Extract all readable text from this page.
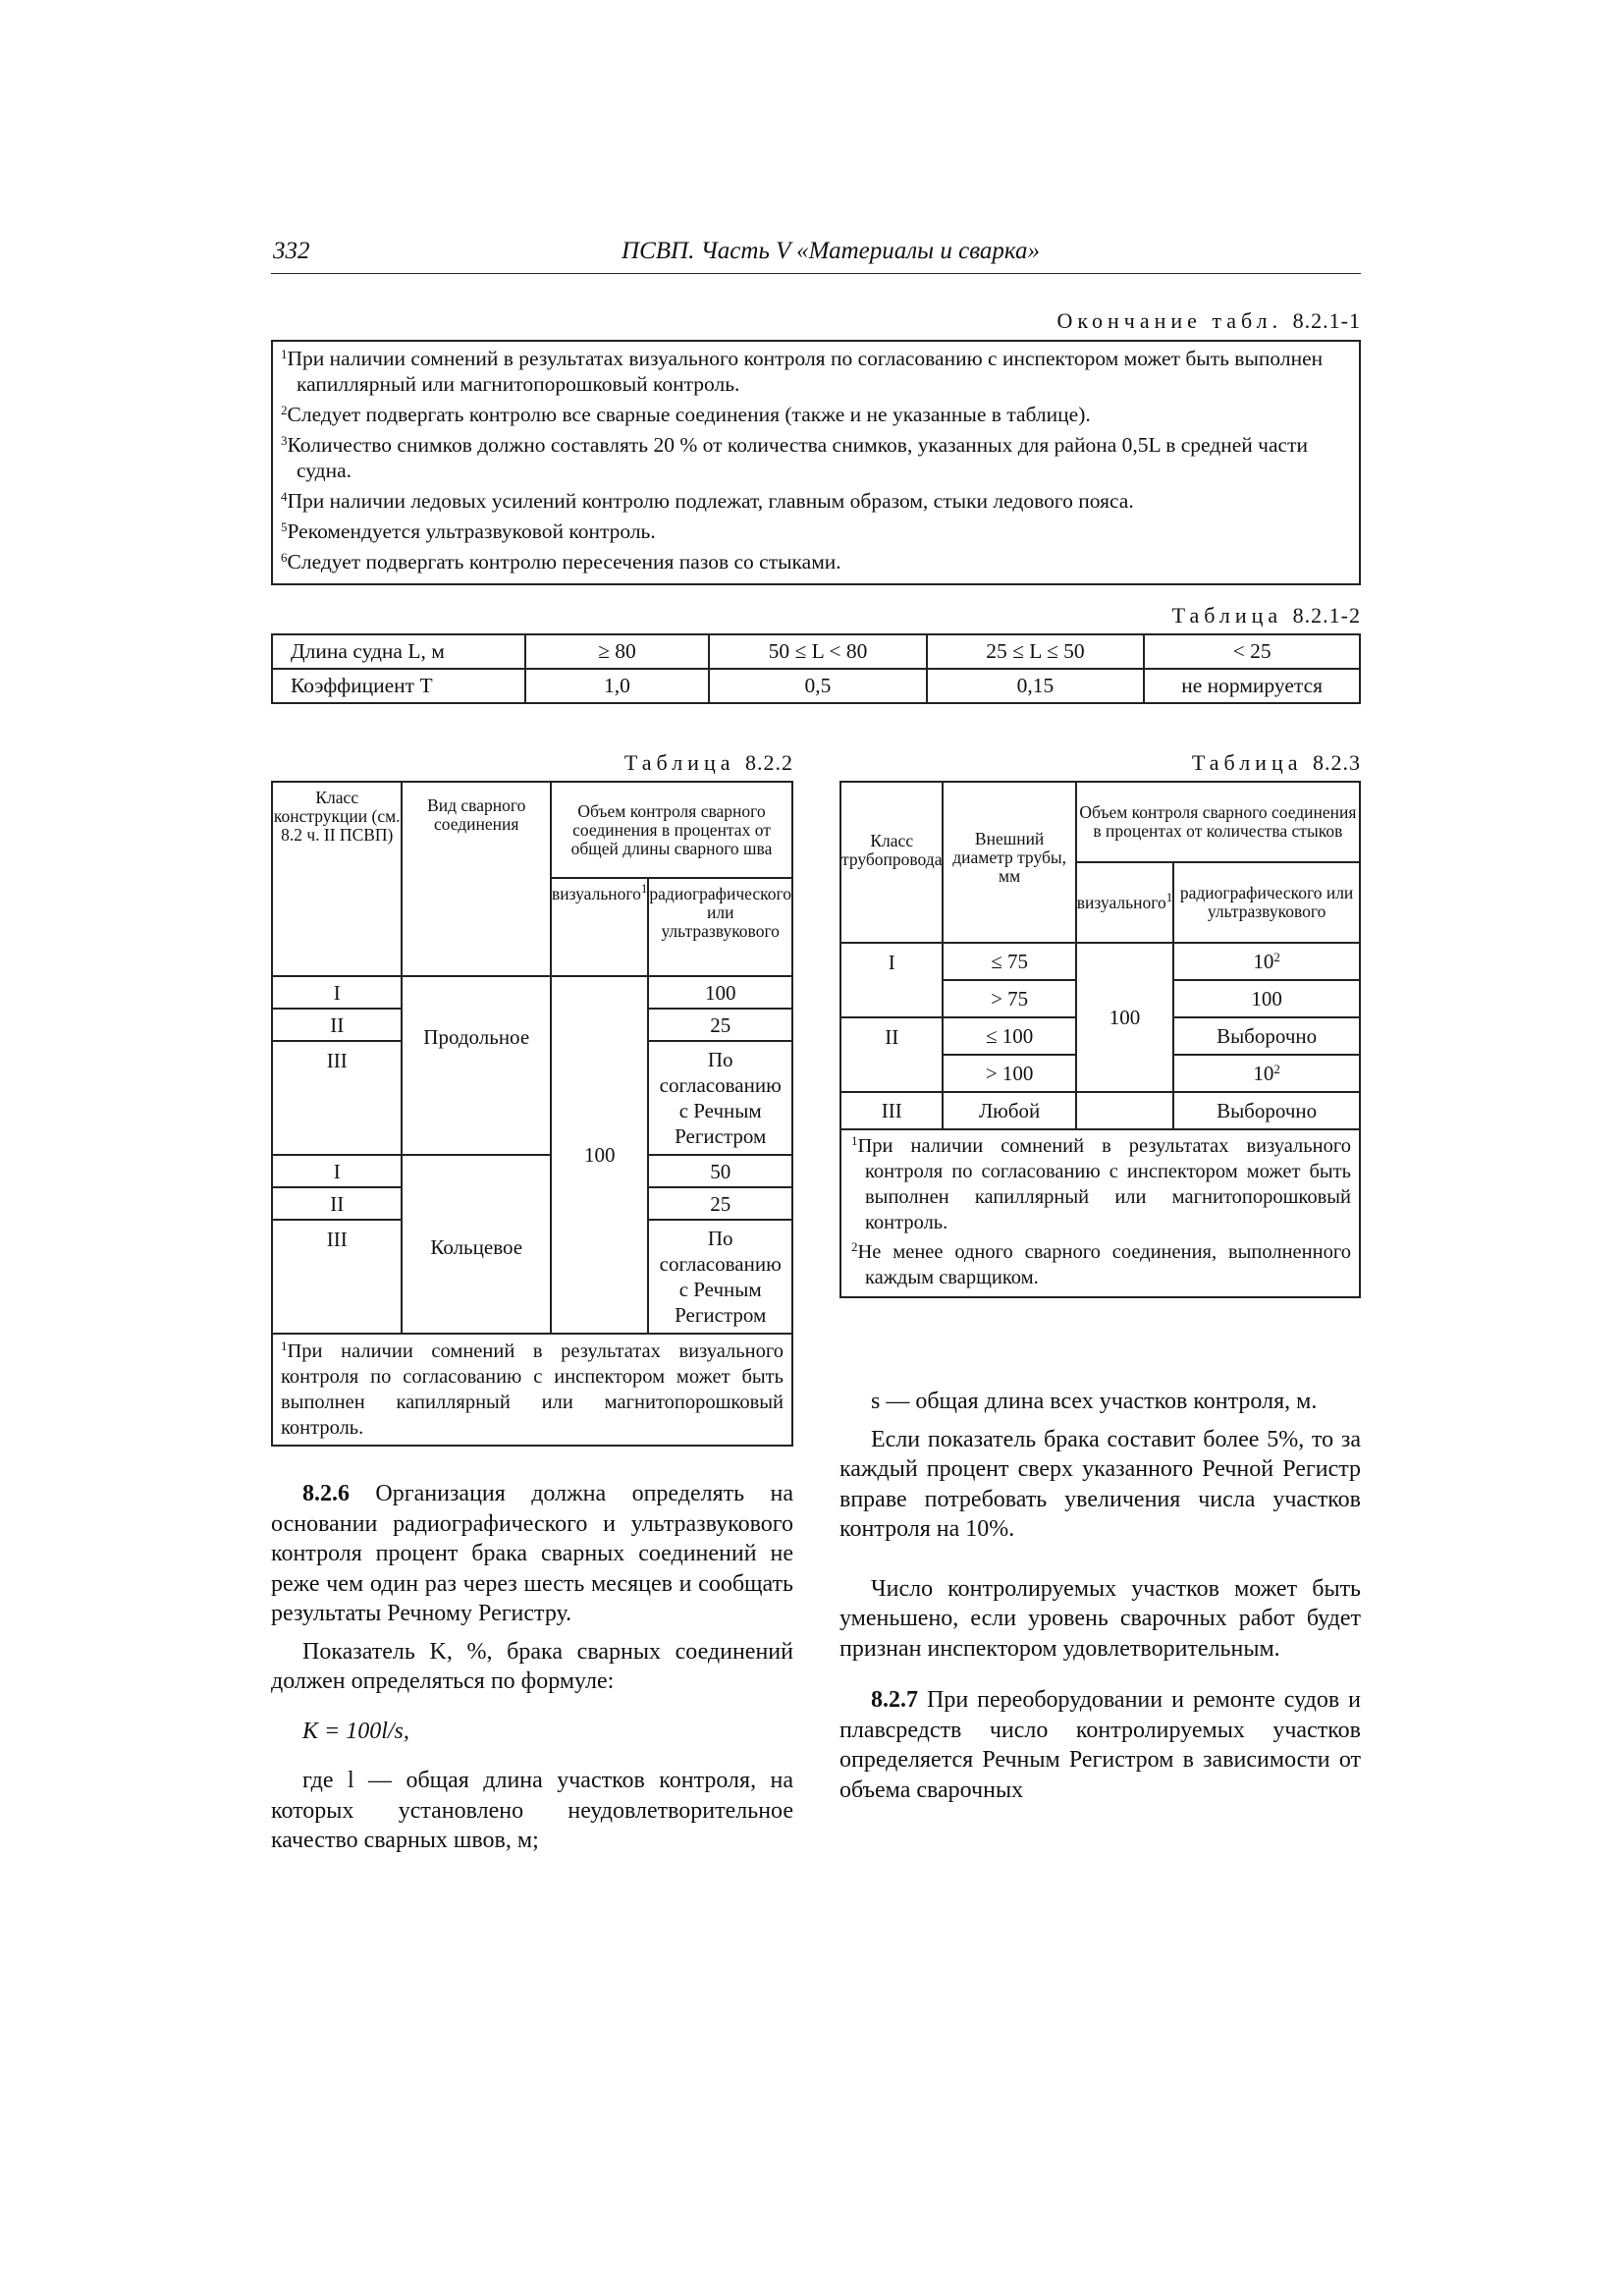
332	ПСВП. Часть V «Материалы и сварка»
Окончание табл. 8.2.1-1
$^1$При наличии сомнений в результатах визуального контроля по согласованию с инспектором может быть выполнен капиллярный или магнитопорошковый контроль.
$^2$Следует подвергать контролю все сварные соединения (также и не указанные в таблице).
$^3$Количество снимков должно составлять 20 % от количества снимков, указанных для района 0,5L в средней части судна.
$^4$При наличии ледовых усилений контролю подлежат, главным образом, стыки ледового пояса.
$^5$Рекомендуется ультразвуковой контроль.
$^6$Следует подвергать контролю пересечения пазов со стыками.
Таблица 8.2.1-2
Длина судна L, м	≥ 80	50 ≤ L < 80	25 ≤ L ≤ 50	< 25
Коэффициент T	1,0	0,5	0,15	не нормируется
Таблица 8.2.2
Класс конструкции (см. 8.2 ч. II ПСВП)	Вид сварного соединения	Объем контроля сварного соединения в процентах от общей длины сварного шва	
		визуального$^1$	радиографического или ультразвукового
I	Продольное	100	100
II			25
III			По согласованию с Речным Регистром
I	Кольцевое		50
II			25
III			По согласованию с Речным Регистром
$^1$При наличии сомнений в результатах визуального контроля по согласованию с инспектором может быть выполнен капиллярный или магнитопорошковый контроль.			
Таблица 8.2.3
Класс трубопровода	Внешний диаметр трубы, мм	Объем контроля сварного соединения в процентах от количества стыков	
		визуального$^1$	радиографического или ультразвукового
I	≤ 75	100	$10^2$
	> 75		100
II	≤ 100		Выборочно
	> 100		$10^2$
III	Любой		Выборочно

$^1$При наличии сомнений в результатах визуального контроля по согласованию с инспектором может быть выполнен капиллярный или магнитопорошковый контроль.
$^2$Не менее одного сварного соединения, выполненного каждым сварщиком.			

8.2.6 Организация должна определять на основании радиографического и ультразвукового контроля процент брака сварных соединений не реже чем один раз через шесть месяцев и сообщать результаты Речному Регистру.

Показатель K, %, брака сварных соединений должен определяться по формуле:

K = 100l/s,

где l — общая длина участков контроля, на которых установлено неудовлетворительное качество сварных швов, м;

s — общая длина всех участков контроля, м.

Если показатель брака составит более 5%, то за каждый процент сверх указанного Речной Регистр вправе потребовать увеличения числа участков контроля на 10%.

Число контролируемых участков может быть уменьшено, если уровень сварочных работ будет признан инспектором удовлетворительным.

8.2.7 При переоборудовании и ремонте судов и плавсредств число контролируемых участков определяется Речным Регистром в зависимости от объема сварочных
